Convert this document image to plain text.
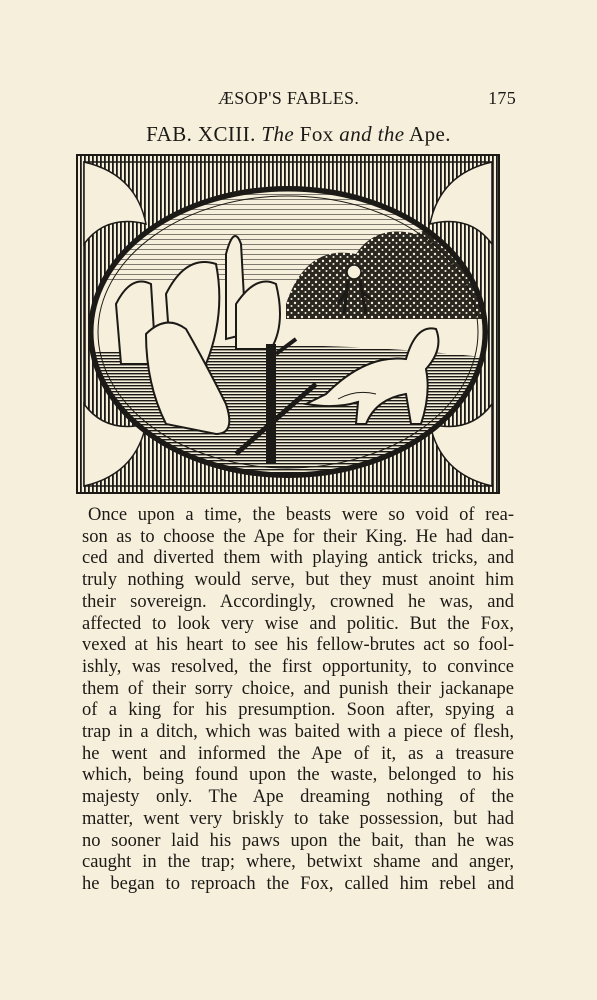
ÆSOP'S FABLES.	175
FAB. XCIII. The Fox and the Ape.
Once upon a time, the beasts were so void of rea-
son as to choose the Ape for their King. He had dan-
ced and diverted them with playing antick tricks, and
truly nothing would serve, but they must anoint him
their sovereign. Accordingly, crowned he was, and
affected to look very wise and politic. But the Fox,
vexed at his heart to see his fellow-brutes act so fool-
ishly, was resolved, the first opportunity, to convince
them of their sorry choice, and punish their jackanape
of a king for his presumption. Soon after, spying a
trap in a ditch, which was baited with a piece of flesh,
he went and informed the Ape of it, as a treasure
which, being found upon the waste, belonged to his
majesty only. The Ape dreaming nothing of the
matter, went very briskly to take possession, but had
no sooner laid his paws upon the bait, than he was
caught in the trap; where, betwixt shame and anger,
he began to reproach the Fox, called him rebel and
